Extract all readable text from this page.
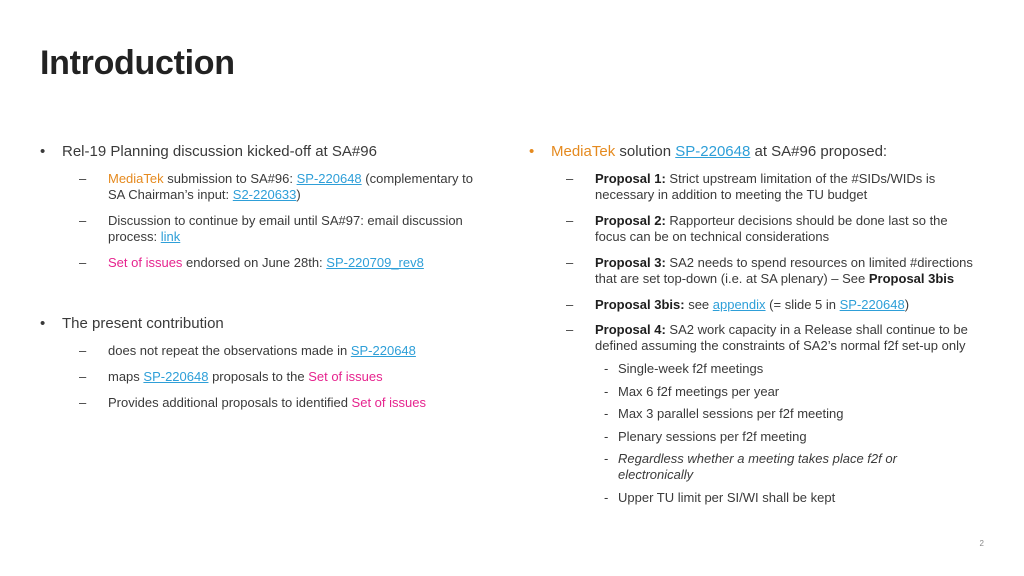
Introduction
• Rel-19 Planning discussion kicked-off at SA#96
– MediaTek submission to SA#96: SP-220648 (complementary to
SA Chairman’s input: S2-220633)
– Discussion to continue by email until SA#97: email discussion
process: link
– Set of issues endorsed on June 28th: SP-220709_rev8
• The present contribution
– does not repeat the observations made in SP-220648
– maps SP-220648 proposals to the Set of issues
– Provides additional proposals to identified Set of issues
• MediaTek solution SP-220648 at SA#96 proposed:
– Proposal 1: Strict upstream limitation of the #SIDs/WIDs is
necessary in addition to meeting the TU budget
– Proposal 2: Rapporteur decisions should be done last so the
focus can be on technical considerations
– Proposal 3: SA2 needs to spend resources on limited #directions
that are set top-down (i.e. at SA plenary) – See Proposal 3bis
– Proposal 3bis: see appendix (= slide 5 in SP-220648)
– Proposal 4: SA2 work capacity in a Release shall continue to be
defined assuming the constraints of SA2’s normal f2f set-up only
- Single-week f2f meetings
- Max 6 f2f meetings per year
- Max 3 parallel sessions per f2f meeting
- Plenary sessions per f2f meeting
- Regardless whether a meeting takes place f2f or
electronically
- Upper TU limit per SI/WI shall be kept
2
